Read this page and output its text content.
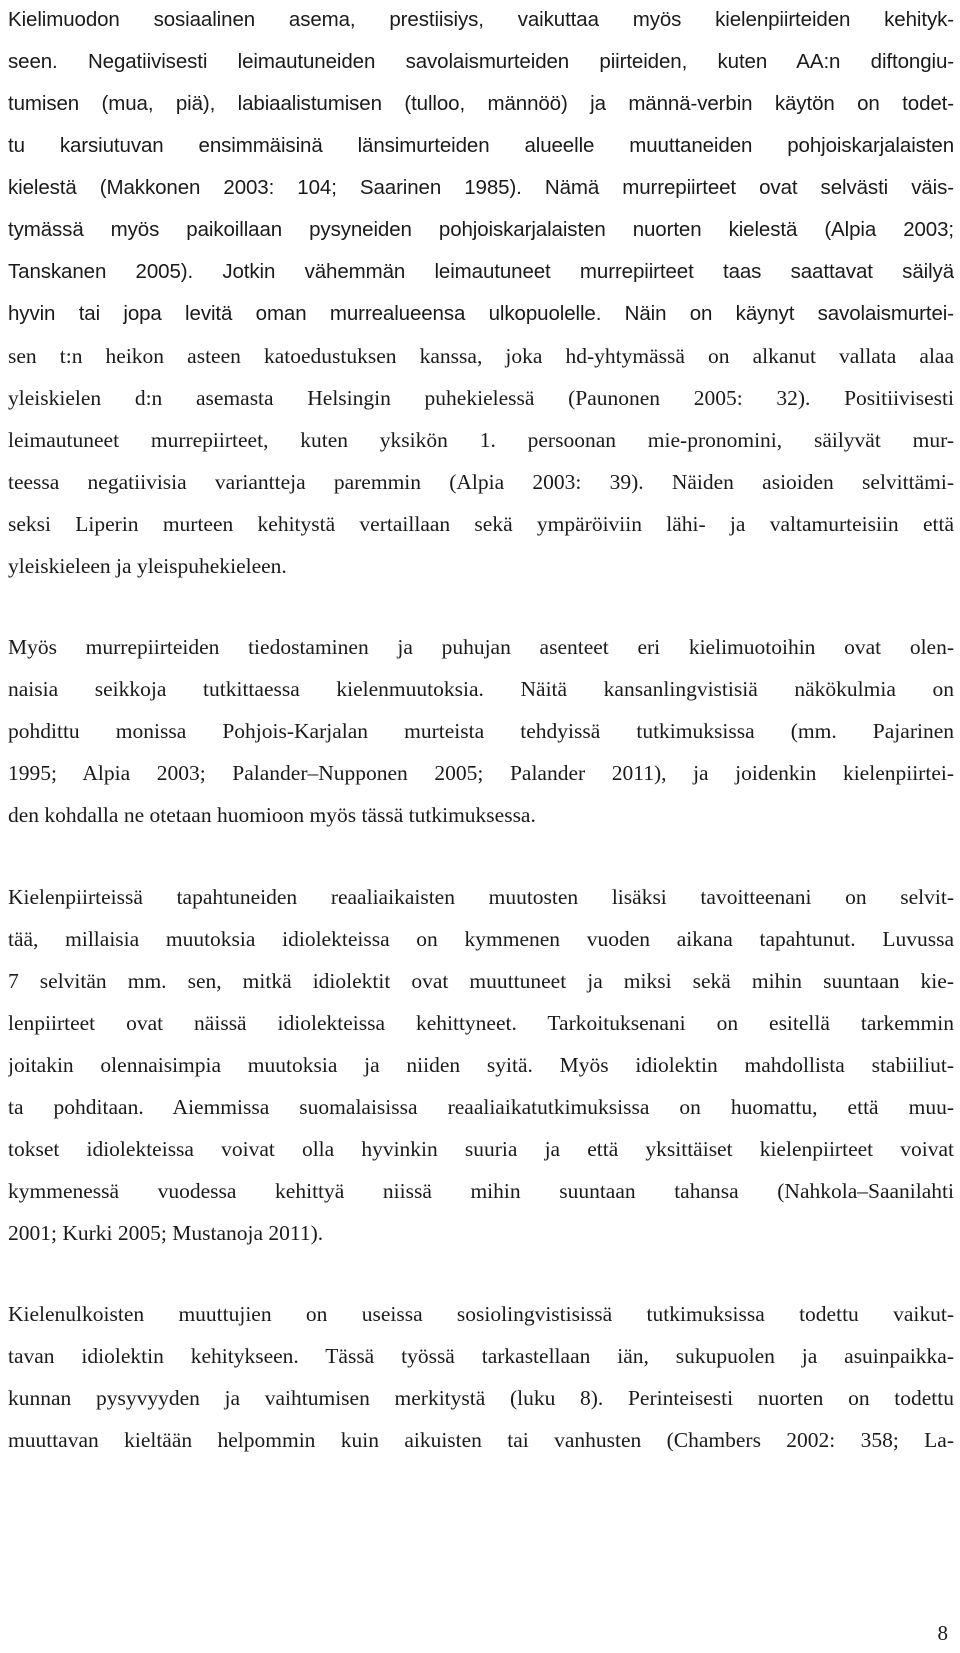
Kielimuodon sosiaalinen asema, prestiisiys, vaikuttaa myös kielenpiirteiden kehityk-
seen. Negatiivisesti leimautuneiden savolaismurteiden piirteiden, kuten AA:n diftongiu-
tumisen (mua, piä), labiaalistumisen (tulloo, männöö) ja männä-verbin käytön on todet-
tu karsiutuvan ensimmäisinä länsimurteiden alueelle muuttaneiden pohjoiskarjalaisten
kielestä (Makkonen 2003: 104; Saarinen 1985). Nämä murrepiirteet ovat selvästi väis-
tymässä myös paikoillaan pysyneiden pohjoiskarjalaisten nuorten kielestä (Alpia 2003;
Tanskanen 2005). Jotkin vähemmän leimautuneet murrepiirteet taas saattavat säilyä
hyvin tai jopa levitä oman murrealueensa ulkopuolelle. Näin on käynyt savolaismurtei-
sen t:n heikon asteen katoedustuksen kanssa, joka hd-yhtymässä on alkanut vallata alaa
yleiskielen d:n asemasta Helsingin puhekielessä (Paunonen 2005: 32). Positiivisesti
leimautuneet murrepiirteet, kuten yksikön 1. persoonan mie-pronomini, säilyvät mur-
teessa negatiivisia variantteja paremmin (Alpia 2003: 39). Näiden asioiden selvittämi-
seksi Liperin murteen kehitystä vertaillaan sekä ympäröiviin lähi- ja valtamurteisiin että
yleiskieleen ja yleispuhekieleen.
Myös murrepiirteiden tiedostaminen ja puhujan asenteet eri kielimuotoihin ovat olen-
naisia seikkoja tutkittaessa kielenmuutoksia. Näitä kansanlingvistisiä näkökulmia on
pohdittu monissa Pohjois-Karjalan murteista tehdyissä tutkimuksissa (mm. Pajarinen
1995; Alpia 2003; Palander–Nupponen 2005; Palander 2011), ja joidenkin kielenpiirtei-
den kohdalla ne otetaan huomioon myös tässä tutkimuksessa.
Kielenpiirteissä tapahtuneiden reaaliaikaisten muutosten lisäksi tavoitteenani on selvit-
tää, millaisia muutoksia idiolekteissa on kymmenen vuoden aikana tapahtunut. Luvussa
7 selvitän mm. sen, mitkä idiolektit ovat muuttuneet ja miksi sekä mihin suuntaan kie-
lenpiirteet ovat näissä idiolekteissa kehittyneet. Tarkoituksenani on esitellä tarkemmin
joitakin olennaisimpia muutoksia ja niiden syitä. Myös idiolektin mahdollista stabiiliut-
ta pohditaan. Aiemmissa suomalaisissa reaaliaikatutkimuksissa on huomattu, että muu-
tokset idiolekteissa voivat olla hyvinkin suuria ja että yksittäiset kielenpiirteet voivat
kymmenessä vuodessa kehittyä niissä mihin suuntaan tahansa (Nahkola–Saanilahti
2001; Kurki 2005; Mustanoja 2011).
Kielenulkoisten muuttujien on useissa sosiolingvistisissä tutkimuksissa todettu vaikut-
tavan idiolektin kehitykseen. Tässä työssä tarkastellaan iän, sukupuolen ja asuinpaikka-
kunnan pysyvyyden ja vaihtumisen merkitystä (luku 8). Perinteisesti nuorten on todettu
muuttavan kieltään helpommin kuin aikuisten tai vanhusten (Chambers 2002: 358; La-
8
